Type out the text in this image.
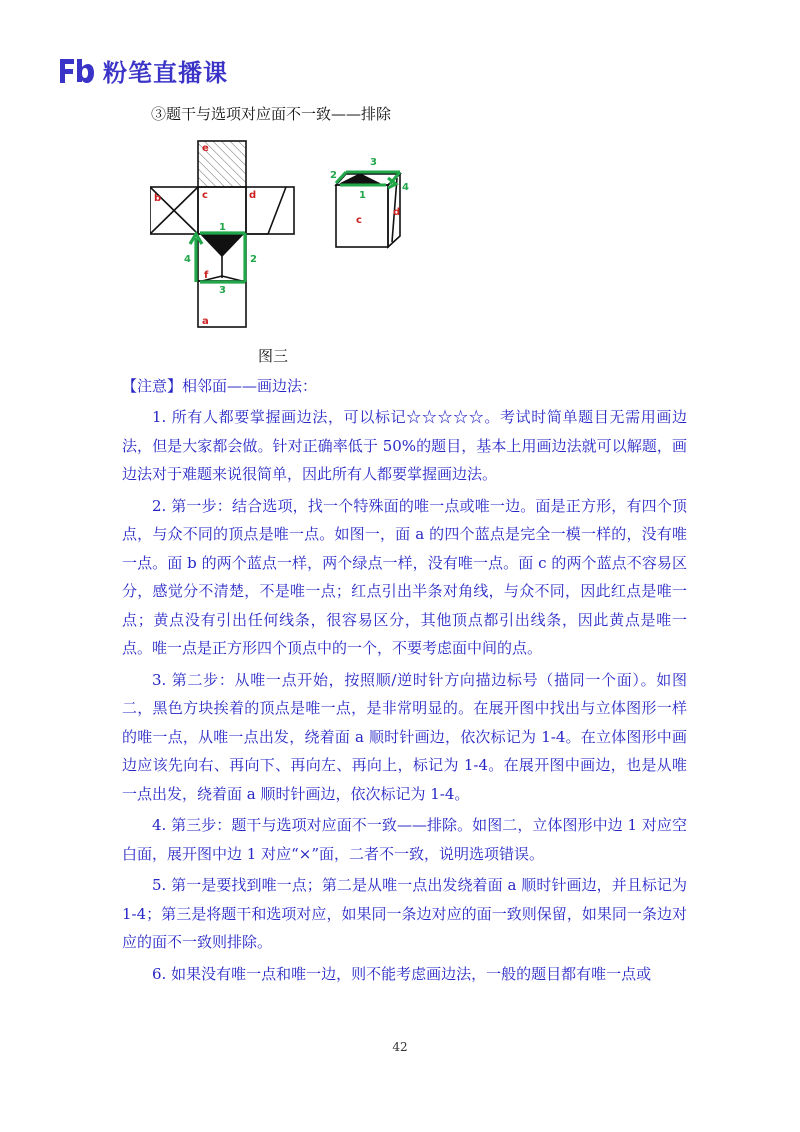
粉笔直播课
③题干与选项对应面不一致——排除
e
b	c	d
f
a
1
2
3
4
c
d
1
2
3
4
图三
【注意】相邻面——画边法：
1. 所有人都要掌握画边法，可以标记☆☆☆☆☆。考试时简单题目无需用画边法，但是大家都会做。针对正确率低于 50%的题目，基本上用画边法就可以解题，画边法对于难题来说很简单，因此所有人都要掌握画边法。
2. 第一步：结合选项，找一个特殊面的唯一点或唯一边。面是正方形，有四个顶点，与众不同的顶点是唯一点。如图一，面 a 的四个蓝点是完全一模一样的，没有唯一点。面 b 的两个蓝点一样，两个绿点一样，没有唯一点。面 c 的两个蓝点不容易区分，感觉分不清楚，不是唯一点；红点引出半条对角线，与众不同，因此红点是唯一点；黄点没有引出任何线条，很容易区分，其他顶点都引出线条，因此黄点是唯一点。唯一点是正方形四个顶点中的一个，不要考虑面中间的点。
3. 第二步：从唯一点开始，按照顺/逆时针方向描边标号（描同一个面）。如图二，黑色方块挨着的顶点是唯一点，是非常明显的。在展开图中找出与立体图形一样的唯一点，从唯一点出发，绕着面 a 顺时针画边，依次标记为 1-4。在立体图形中画边应该先向右、再向下、再向左、再向上，标记为 1-4。在展开图中画边，也是从唯一点出发，绕着面 a 顺时针画边，依次标记为 1-4。
4. 第三步：题干与选项对应面不一致——排除。如图二，立体图形中边 1 对应空白面，展开图中边 1 对应“×”面，二者不一致，说明选项错误。
5. 第一是要找到唯一点；第二是从唯一点出发绕着面 a 顺时针画边，并且标记为 1-4；第三是将题干和选项对应，如果同一条边对应的面一致则保留，如果同一条边对应的面不一致则排除。
6. 如果没有唯一点和唯一边，则不能考虑画边法，一般的题目都有唯一点或
42
